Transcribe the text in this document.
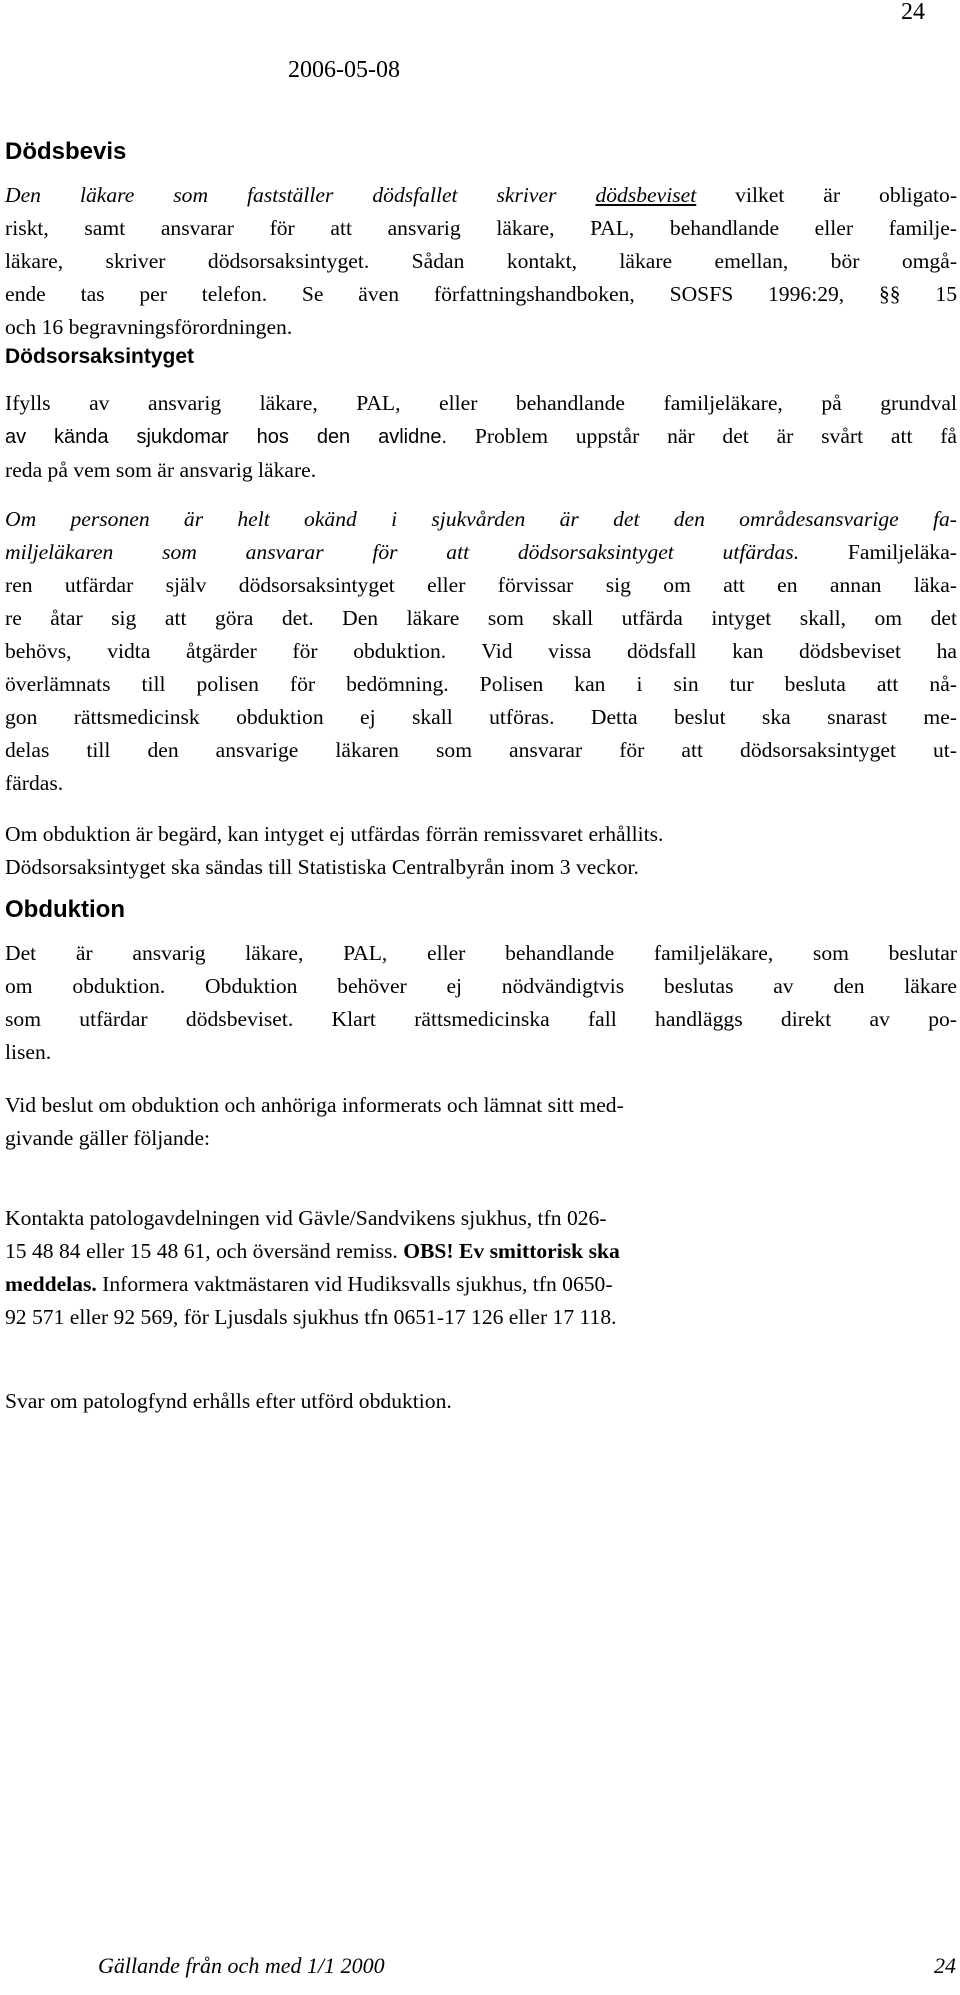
24
2006-05-08
Dödsbevis
Den läkare som fastställer dödsfallet skriver dödsbeviset vilket är obligato-
riskt, samt ansvarar för att ansvarig läkare, PAL, behandlande eller familje-
läkare, skriver dödsorsaksintyget. Sådan kontakt, läkare emellan, bör omgå-
ende tas per telefon. Se även författningshandboken, SOSFS 1996:29, §§ 15
och 16 begravningsförordningen.
Dödsorsaksintyget
Ifylls av ansvarig läkare, PAL, eller behandlande familjeläkare, på grundval
av kända sjukdomar hos den avlidne. Problem uppstår när det är svårt att få
reda på vem som är ansvarig läkare.
Om personen är helt okänd i sjukvården är det den områdesansvarige fa-
miljeläkaren som ansvarar för att dödsorsaksintyget utfärdas. Familjeläka-
ren utfärdar själv dödsorsaksintyget eller förvissar sig om att en annan läka-
re åtar sig att göra det. Den läkare som skall utfärda intyget skall, om det
behövs, vidta åtgärder för obduktion. Vid vissa dödsfall kan dödsbeviset ha
överlämnats till polisen för bedömning. Polisen kan i sin tur besluta att nå-
gon rättsmedicinsk obduktion ej skall utföras. Detta beslut ska snarast me-
delas till den ansvarige läkaren som ansvarar för att dödsorsaksintyget ut-
färdas.
Om obduktion är begärd, kan intyget ej utfärdas förrän remissvaret erhållits.
Dödsorsaksintyget ska sändas till Statistiska Centralbyrån inom 3 veckor.
Obduktion
Det är ansvarig läkare, PAL, eller behandlande familjeläkare, som beslutar
om obduktion. Obduktion behöver ej nödvändigtvis beslutas av den läkare
som utfärdar dödsbeviset. Klart rättsmedicinska fall handläggs direkt av po-
lisen.
Vid beslut om obduktion och anhöriga informerats och lämnat sitt med-
givande gäller följande:
Kontakta patologavdelningen vid Gävle/Sandvikens sjukhus, tfn 026-
15 48 84 eller 15 48 61, och översänd remiss. OBS! Ev smittorisk ska
meddelas. Informera vaktmästaren vid Hudiksvalls sjukhus, tfn 0650-
92 571 eller 92 569, för Ljusdals sjukhus tfn 0651-17 126 eller 17 118.
Svar om patologfynd erhålls efter utförd obduktion.
Gällande från och med 1/1 2000	24
